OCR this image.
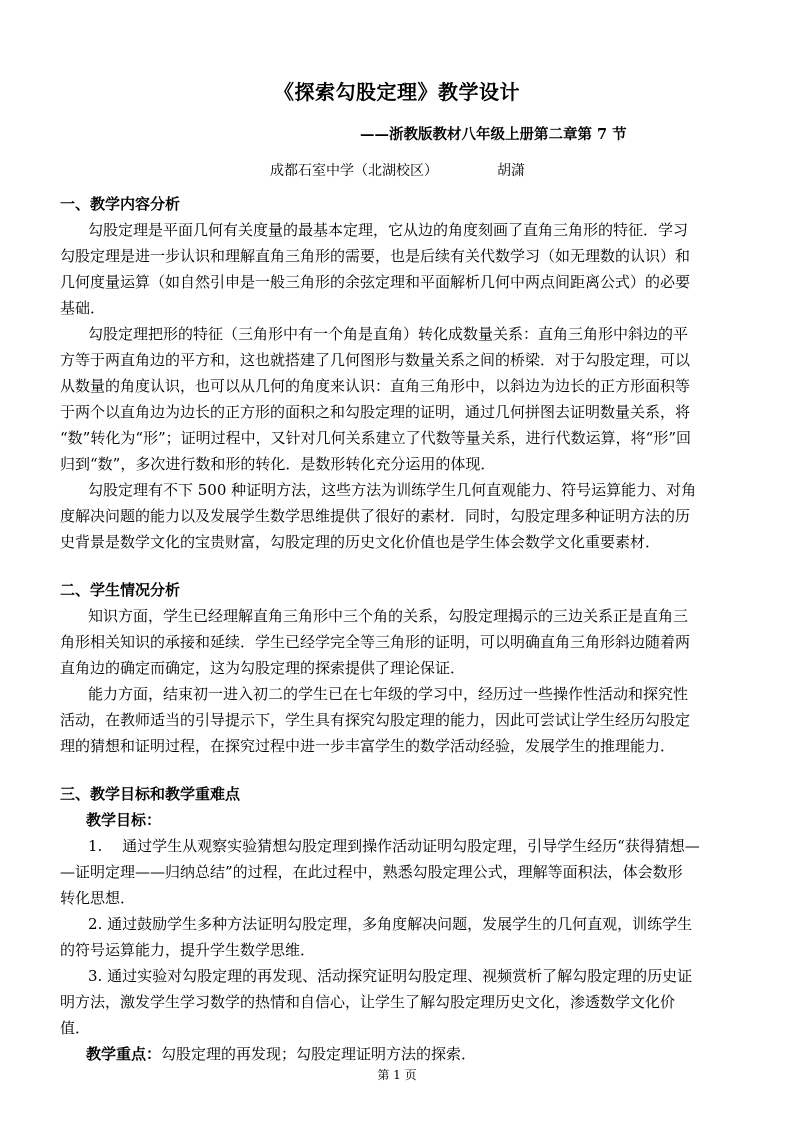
《探索勾股定理》教学设计
——浙教版教材八年级上册第二章第 7 节
成都石室中学（北湖校区）	胡潇
一、教学内容分析
勾股定理是平面几何有关度量的最基本定理，它从边的角度刻画了直角三角形的特征．学习
勾股定理是进一步认识和理解直角三角形的需要，也是后续有关代数学习（如无理数的认识）和
几何度量运算（如自然引申是一般三角形的余弦定理和平面解析几何中两点间距离公式）的必要
基础．
勾股定理把形的特征（三角形中有一个角是直角）转化成数量关系：直角三角形中斜边的平
方等于两直角边的平方和，这也就搭建了几何图形与数量关系之间的桥梁．对于勾股定理，可以
从数量的角度认识，也可以从几何的角度来认识：直角三角形中，以斜边为边长的正方形面积等
于两个以直角边为边长的正方形的面积之和勾股定理的证明，通过几何拼图去证明数量关系，将
“数”转化为“形”；证明过程中，又针对几何关系建立了代数等量关系，进行代数运算，将“形”回
归到“数”，多次进行数和形的转化．是数形转化充分运用的体现．
勾股定理有不下 500 种证明方法，这些方法为训练学生几何直观能力、符号运算能力、对角
度解决问题的能力以及发展学生数学思维提供了很好的素材．同时，勾股定理多种证明方法的历
史背景是数学文化的宝贵财富，勾股定理的历史文化价值也是学生体会数学文化重要素材．
二、学生情况分析
知识方面，学生已经理解直角三角形中三个角的关系，勾股定理揭示的三边关系正是直角三
角形相关知识的承接和延续．学生已经学完全等三角形的证明，可以明确直角三角形斜边随着两
直角边的确定而确定，这为勾股定理的探索提供了理论保证．
能力方面，结束初一进入初二的学生已在七年级的学习中，经历过一些操作性活动和探究性
活动，在教师适当的引导提示下，学生具有探究勾股定理的能力，因此可尝试让学生经历勾股定
理的猜想和证明过程，在探究过程中进一步丰富学生的数学活动经验，发展学生的推理能力．
三、教学目标和教学重难点
教学目标：
1.　 通过学生从观察实验猜想勾股定理到操作活动证明勾股定理，引导学生经历“获得猜想—
—证明定理——归纳总结”的过程，在此过程中，熟悉勾股定理公式，理解等面积法，体会数形
转化思想．
2. 通过鼓励学生多种方法证明勾股定理，多角度解决问题，发展学生的几何直观，训练学生
的符号运算能力，提升学生数学思维．
3. 通过实验对勾股定理的再发现、活动探究证明勾股定理、视频赏析了解勾股定理的历史证
明方法，激发学生学习数学的热情和自信心，让学生了解勾股定理历史文化，渗透数学文化价
值．
教学重点：勾股定理的再发现；勾股定理证明方法的探索．
第 1 页
